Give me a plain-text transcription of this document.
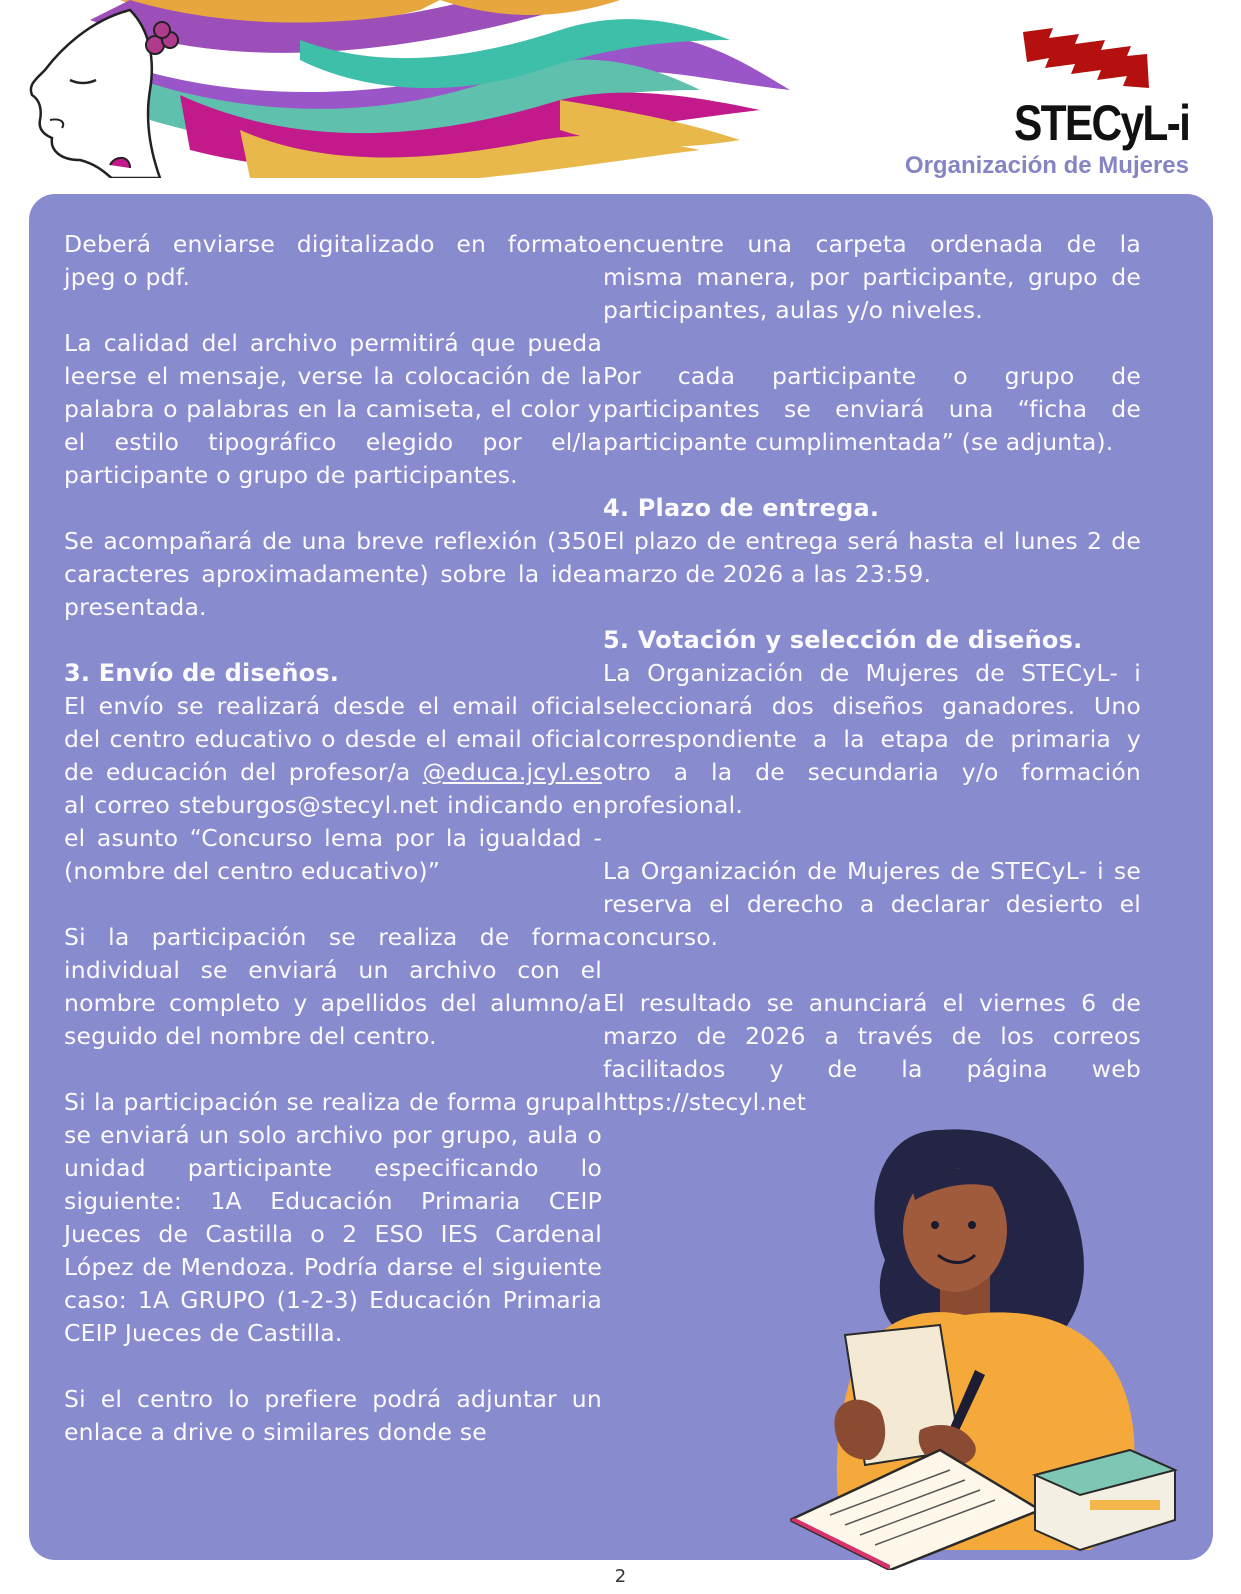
STECyL-i
Organización de Mujeres

Deberá enviarse digitalizado en formato jpeg o pdf.

La calidad del archivo permitirá que pueda leerse el mensaje, verse la colocación de la palabra o palabras en la camiseta, el color y el estilo tipográfico elegido por el/la participante o grupo de participantes.

Se acompañará de una breve reflexión (350 caracteres aproximadamente) sobre la idea presentada.

3. Envío de diseños.

El envío se realizará desde el email oficial del centro educativo o desde el email oficial de educación del profesor/a @educa.jcyl.es al correo steburgos@stecyl.net indicando en el asunto “Concurso lema por la igualdad - (nombre del centro educativo)”

Si la participación se realiza de forma individual se enviará un archivo con el nombre completo y apellidos del alumno/a seguido del nombre del centro.

Si la participación se realiza de forma grupal se enviará un solo archivo por grupo, aula o unidad participante especificando lo siguiente: 1A Educación Primaria CEIP Jueces de Castilla o 2 ESO IES Cardenal López de Mendoza. Podría darse el siguiente caso: 1A GRUPO (1-2-3) Educación Primaria CEIP Jueces de Castilla.

Si el centro lo prefiere podrá adjuntar un enlace a drive o similares donde se

encuentre una carpeta ordenada de la misma manera, por participante, grupo de participantes, aulas y/o niveles.

Por cada participante o grupo de participantes se enviará una “ficha de participante cumplimentada” (se adjunta).

4. Plazo de entrega.

El plazo de entrega será hasta el lunes 2 de marzo de 2026 a las 23:59.

5. Votación y selección de diseños.

La Organización de Mujeres de STECyL- i seleccionará dos diseños ganadores. Uno correspondiente a la etapa de primaria y otro a la de secundaria y/o formación profesional.

La Organización de Mujeres de STECyL- i se reserva el derecho a declarar desierto el concurso.

El resultado se anunciará el viernes 6 de marzo de 2026 a través de los correos facilitados y de la página web https://stecyl.net

2
